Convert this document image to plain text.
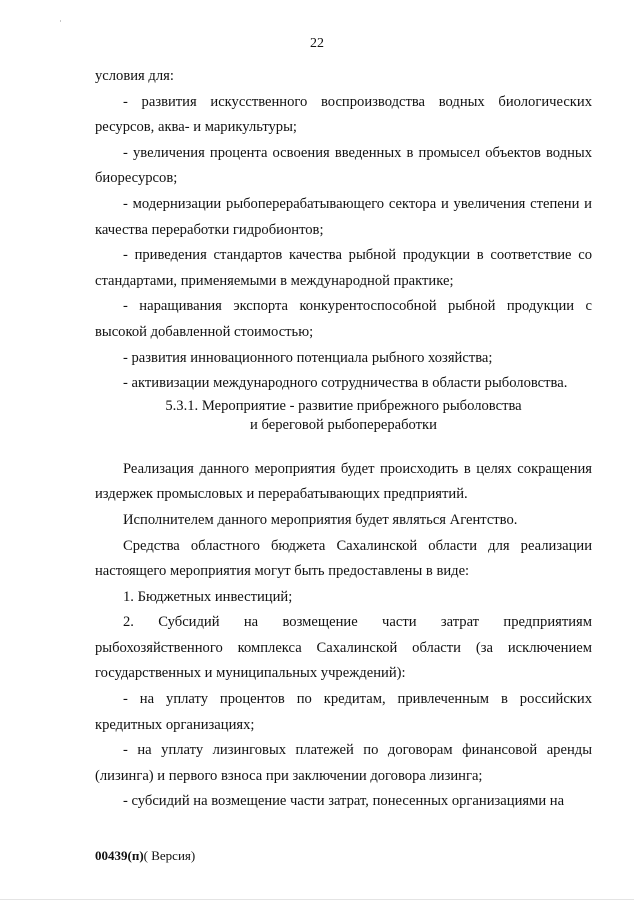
22

условия для:

- развития искусственного воспроизводства водных биологических ресурсов, аква- и марикультуры;

- увеличения процента освоения введенных в промысел объектов водных биоресурсов;

- модернизации рыбоперерабатывающего сектора и увеличения степени и качества переработки гидробионтов;

- приведения стандартов качества рыбной продукции в соответствие со стандартами, применяемыми в международной практике;

- наращивания экспорта конкурентоспособной рыбной продукции с высокой добавленной стоимостью;

- развития инновационного потенциала рыбного хозяйства;

- активизации международного сотрудничества в области рыболовства.

5.3.1. Мероприятие - развитие прибрежного рыболовства
и береговой рыбопереработки

Реализация данного мероприятия будет происходить в целях сокращения издержек промысловых и перерабатывающих предприятий.

Исполнителем данного мероприятия будет являться Агентство.

Средства областного бюджета Сахалинской области для реализации настоящего мероприятия могут быть предоставлены в виде:

1. Бюджетных инвестиций;

2. Субсидий на возмещение части затрат предприятиям рыбохозяйственного комплекса Сахалинской области (за исключением государственных и муниципальных учреждений):

- на уплату процентов по кредитам, привлеченным в российских кредитных организациях;

- на уплату лизинговых платежей по договорам финансовой аренды (лизинга) и первого взноса при заключении договора лизинга;

- субсидий на возмещение части затрат, понесенных организациями на

00439(п)( Версия)
